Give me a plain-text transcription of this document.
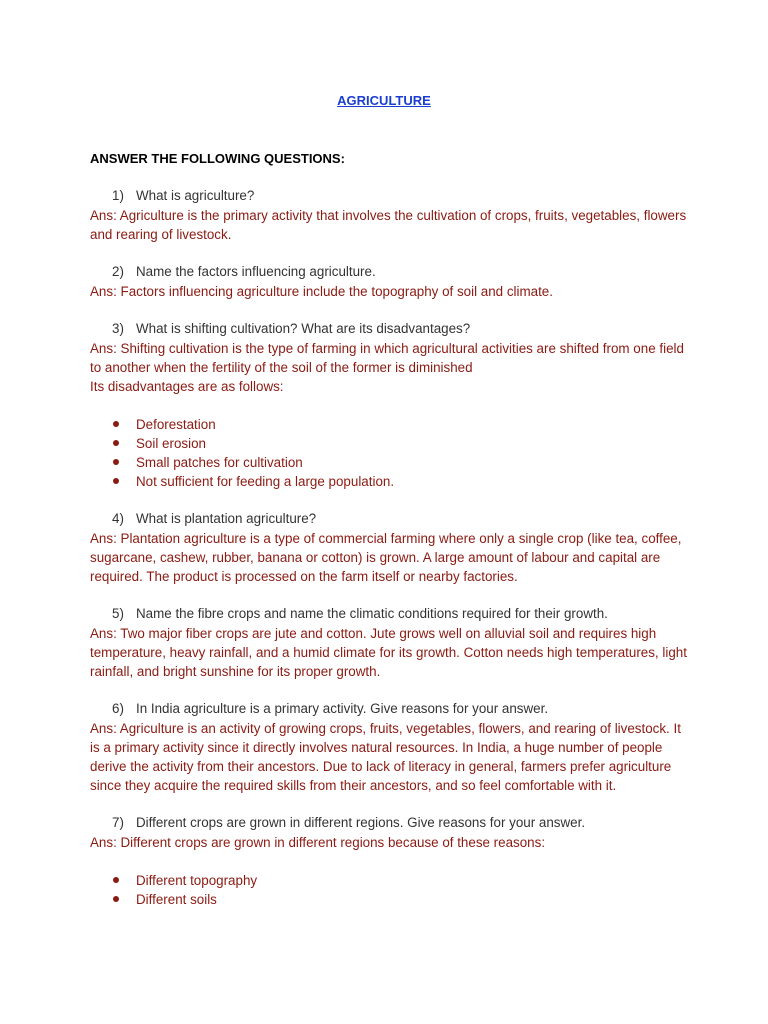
AGRICULTURE
ANSWER THE FOLLOWING QUESTIONS:

1) What is agriculture?

Ans: Agriculture is the primary activity that involves the cultivation of crops, fruits, vegetables, flowers and rearing of livestock.

2) Name the factors influencing agriculture.

Ans: Factors influencing agriculture include the topography of soil and climate.

3) What is shifting cultivation? What are its disadvantages?

Ans: Shifting cultivation is the type of farming in which agricultural activities are shifted from one field to another when the fertility of the soil of the former is diminished

Its disadvantages are as follows:

Deforestation
Soil erosion
Small patches for cultivation
Not sufficient for feeding a large population.

4) What is plantation agriculture?

Ans: Plantation agriculture is a type of commercial farming where only a single crop (like tea, coffee, sugarcane, cashew, rubber, banana or cotton) is grown. A large amount of labour and capital are required. The product is processed on the farm itself or nearby factories.

5) Name the fibre crops and name the climatic conditions required for their growth.

Ans: Two major fiber crops are jute and cotton. Jute grows well on alluvial soil and requires high temperature, heavy rainfall, and a humid climate for its growth. Cotton needs high temperatures, light rainfall, and bright sunshine for its proper growth.

6) In India agriculture is a primary activity. Give reasons for your answer.

Ans: Agriculture is an activity of growing crops, fruits, vegetables, flowers, and rearing of livestock. It is a primary activity since it directly involves natural resources. In India, a huge number of people derive the activity from their ancestors. Due to lack of literacy in general, farmers prefer agriculture since they acquire the required skills from their ancestors, and so feel comfortable with it.

7) Different crops are grown in different regions. Give reasons for your answer.

Ans: Different crops are grown in different regions because of these reasons:

Different topography
Different soils
